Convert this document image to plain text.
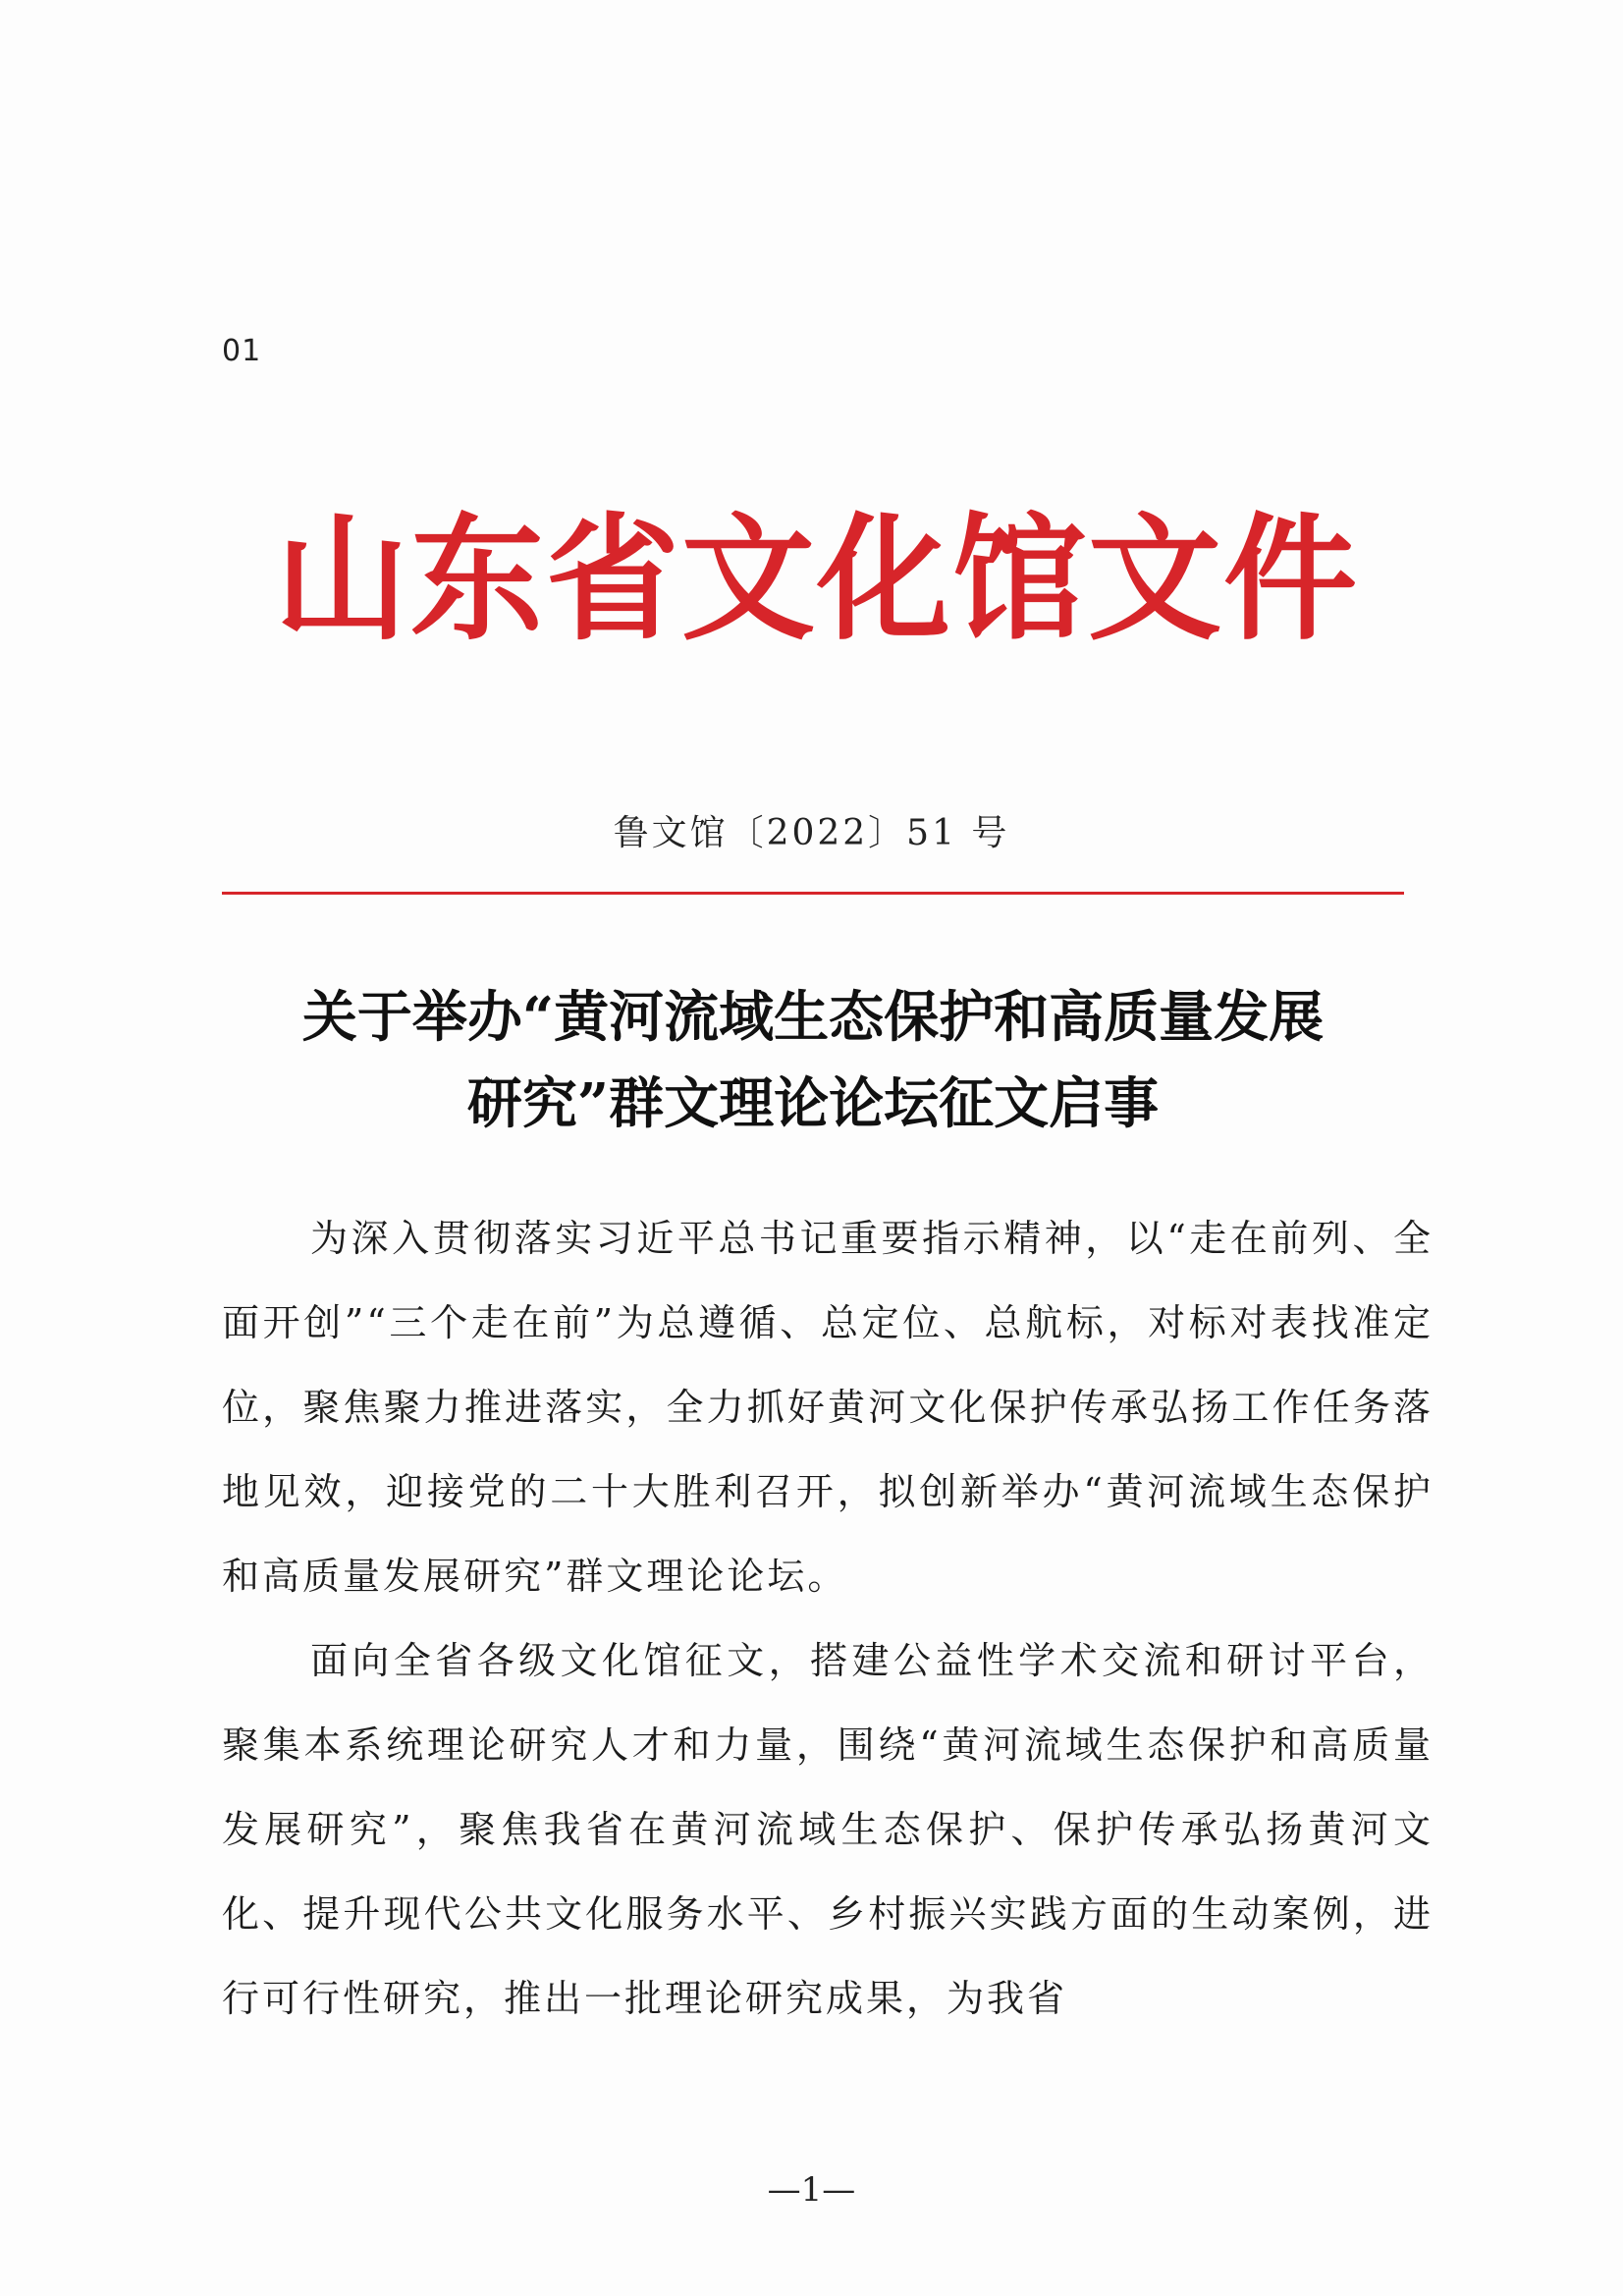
01
山东省文化馆文件
鲁文馆〔2022〕51 号
关于举办“黄河流域生态保护和高质量发展
研究”群文理论论坛征文启事

为深入贯彻落实习近平总书记重要指示精神，以“走在前列、全面开创”“三个走在前”为总遵循、总定位、总航标，对标对表找准定位，聚焦聚力推进落实，全力抓好黄河文化保护传承弘扬工作任务落地见效，迎接党的二十大胜利召开，拟创新举办“黄河流域生态保护和高质量发展研究”群文理论论坛。

面向全省各级文化馆征文，搭建公益性学术交流和研讨平台，聚集本系统理论研究人才和力量，围绕“黄河流域生态保护和高质量发展研究”，聚焦我省在黄河流域生态保护、保护传承弘扬黄河文化、提升现代公共文化服务水平、乡村振兴实践方面的生动案例，进行可行性研究，推出一批理论研究成果，为我省

—1—
